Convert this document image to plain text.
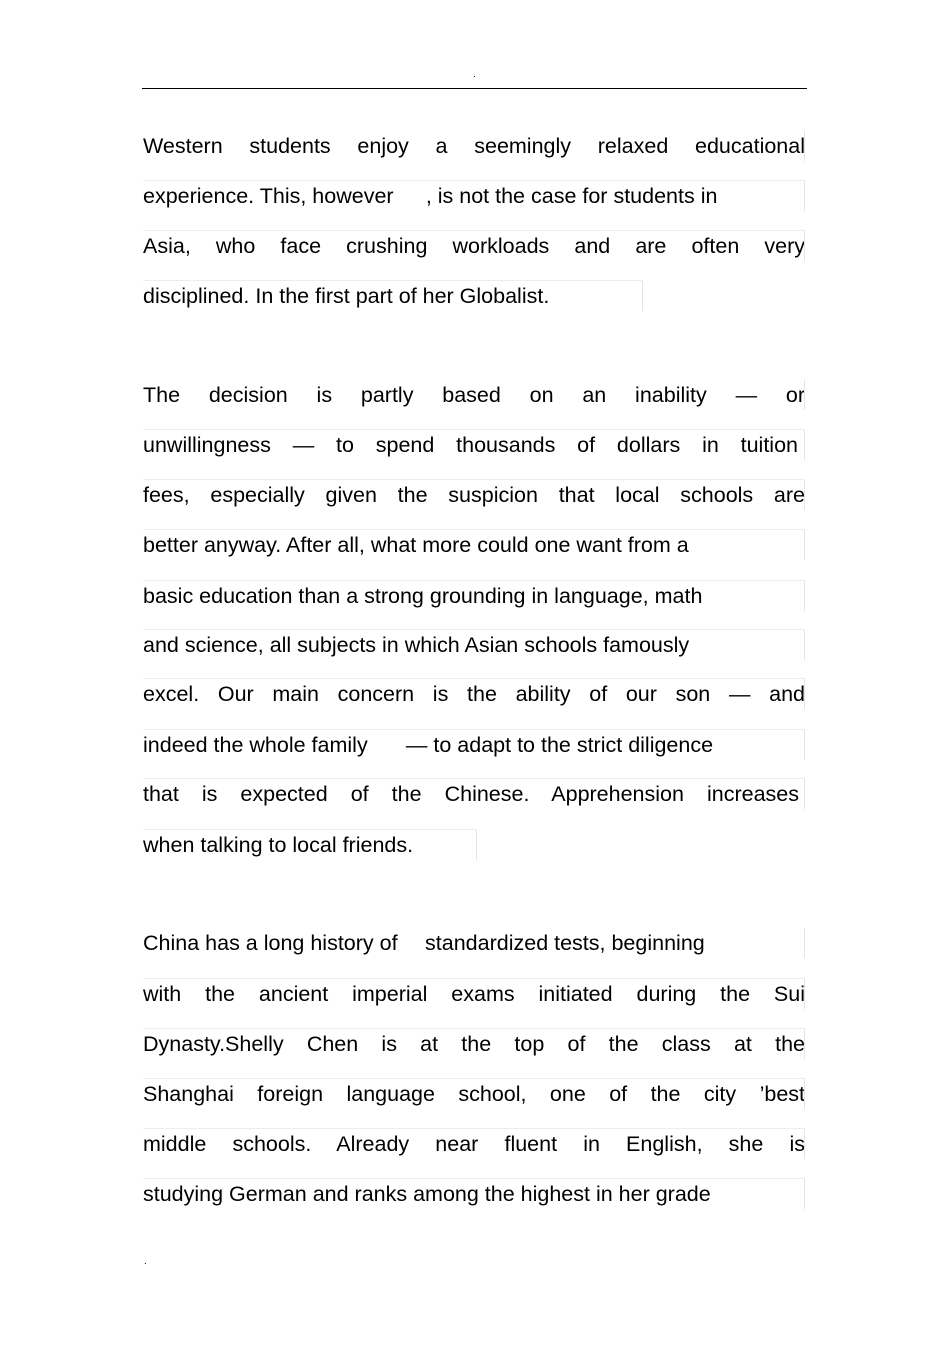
.
Western students enjoy a seemingly relaxed educational
experience. This, however  , is not the case for students in
Asia, who face crushing workloads and are often very
disciplined. In the first part of her Globalist.
The decision is partly based on an inability — or
unwillingness — to spend thousands of dollars in tuition
fees, especially given the suspicion that local schools are
better anyway. After all, what more could one want from a
basic education than a strong grounding in language, math
and science, all subjects in which Asian schools famously
excel. Our main concern is the ability of our son — and
indeed the whole family   — to adapt to the strict diligence
that is expected of the Chinese. Apprehension increases
when talking to local friends.
China has a long history of  standardized tests, beginning
with the ancient imperial exams initiated during the Sui
Dynasty.Shelly Chen is at the top of the class at the
Shanghai foreign language school, one of the city ’best
middle schools. Already near fluent in English, she is
studying German and ranks among the highest in her grade
.
